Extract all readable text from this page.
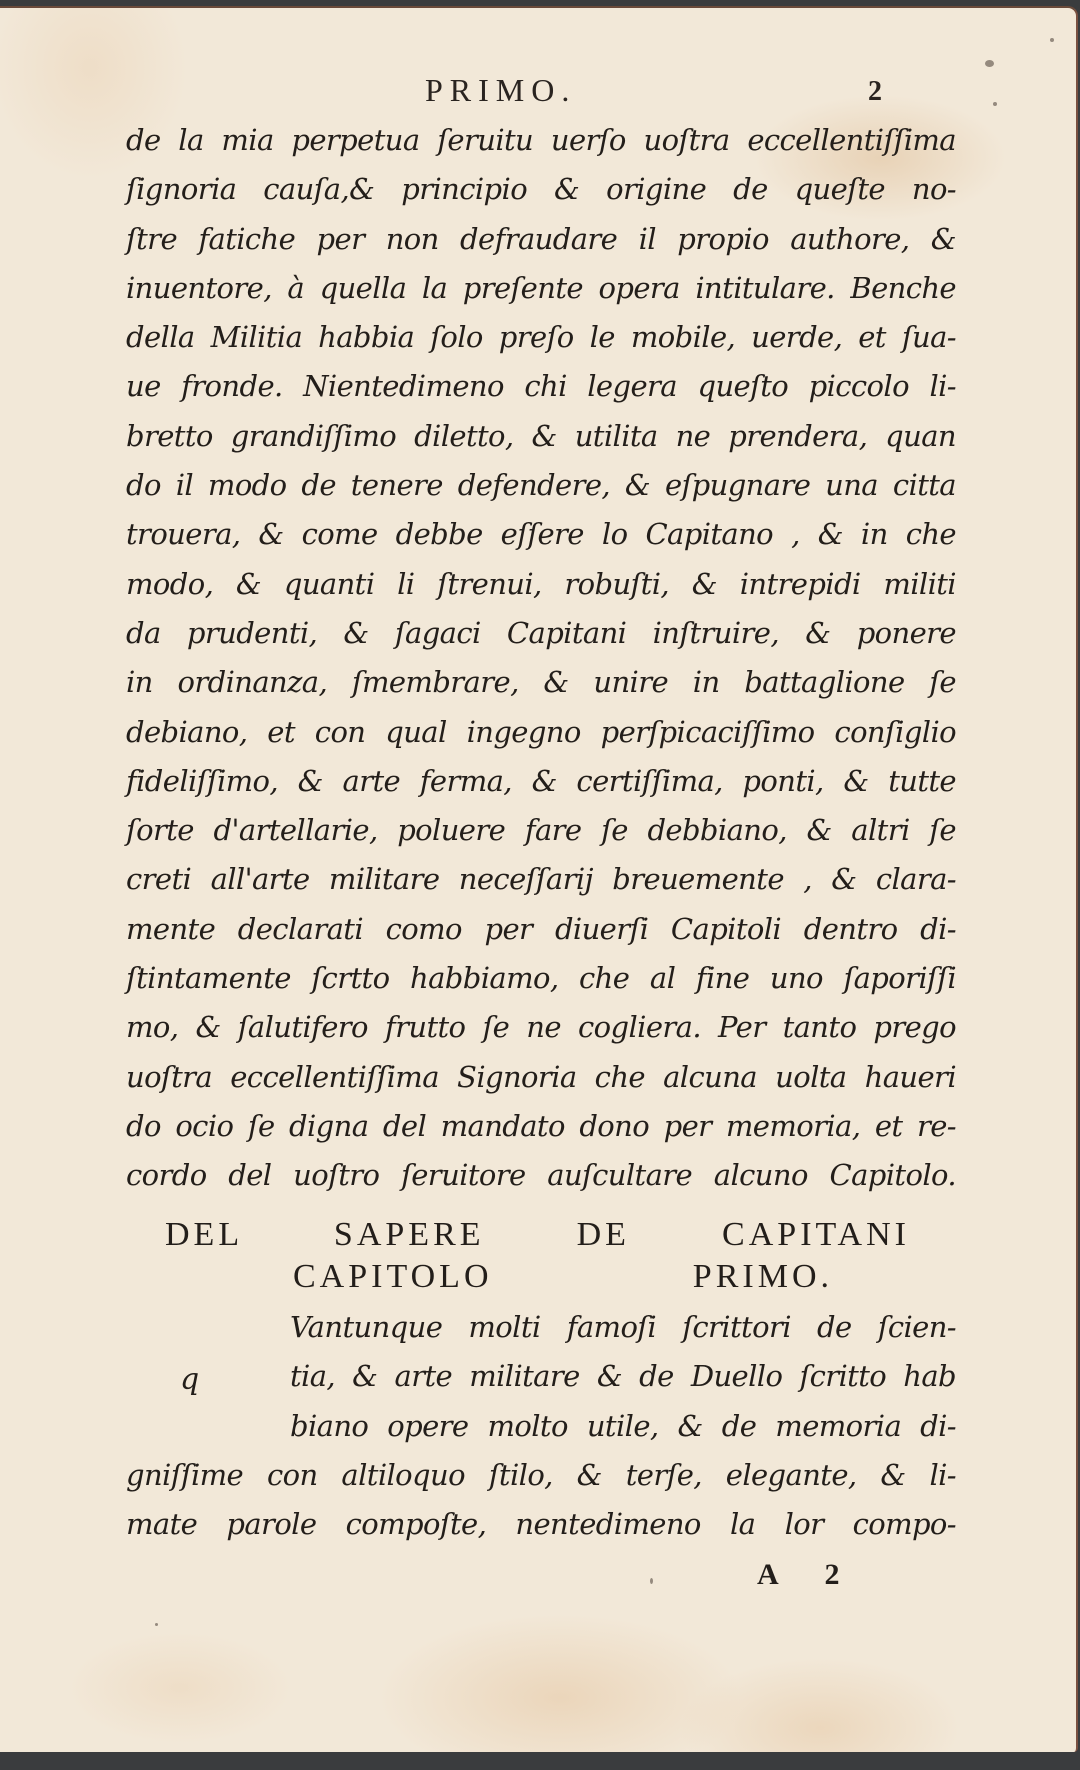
PRIMO.	2
de la mia perpetua ſeruitu uerſo uoſtra eccellentiſſima
ſignoria cauſa,& principio & origine de queſte no-
ſtre fatiche per non defraudare il propio authore, &
inuentore, à quella la preſente opera intitulare. Benche
della Militia habbia ſolo preſo le mobile, uerde, et ſua-
ue fronde. Nientedimeno chi legera queſto piccolo li-
bretto grandiſſimo diletto, & utilita ne prendera, quan
do il modo de tenere defendere, & eſpugnare una citta
trouera, & come debbe eſſere lo Capitano , & in che
modo, & quanti li ſtrenui, robuſti, & intrepidi militi
da prudenti, & ſagaci Capitani inſtruire, & ponere
in ordinanza, ſmembrare, & unire in battaglione ſe
debiano, et con qual ingegno perſpicaciſſimo conſiglio
fideliſſimo, & arte ferma, & certiſſima, ponti, & tutte
ſorte d'artellarie, poluere fare ſe debbiano, & altri ſe
creti all'arte militare neceſſarij breuemente , & clara-
mente declarati como per diuerſi Capitoli dentro di-
ſtintamente ſcrtto habbiamo, che al fine uno ſaporiſſi
mo, & ſalutifero frutto ſe ne cogliera. Per tanto prego
uoſtra eccellentiſſima Signoria che alcuna uolta haueri
do ocio ſe digna del mandato dono per memoria, et re-
cordo del uoſtro ſeruitore auſcultare alcuno Capitolo.
DEL SAPERE DE CAPITANI
CAPITOLO PRIMO.
q
Vantunque molti famoſi ſcrittori de ſcien-
tia, & arte militare & de Duello ſcritto hab
biano opere molto utile, & de memoria di-
gniſſime con altiloquo ſtilo, & terſe, elegante, & li-
mate parole compoſte, nentedimeno la lor compo-
A 2
